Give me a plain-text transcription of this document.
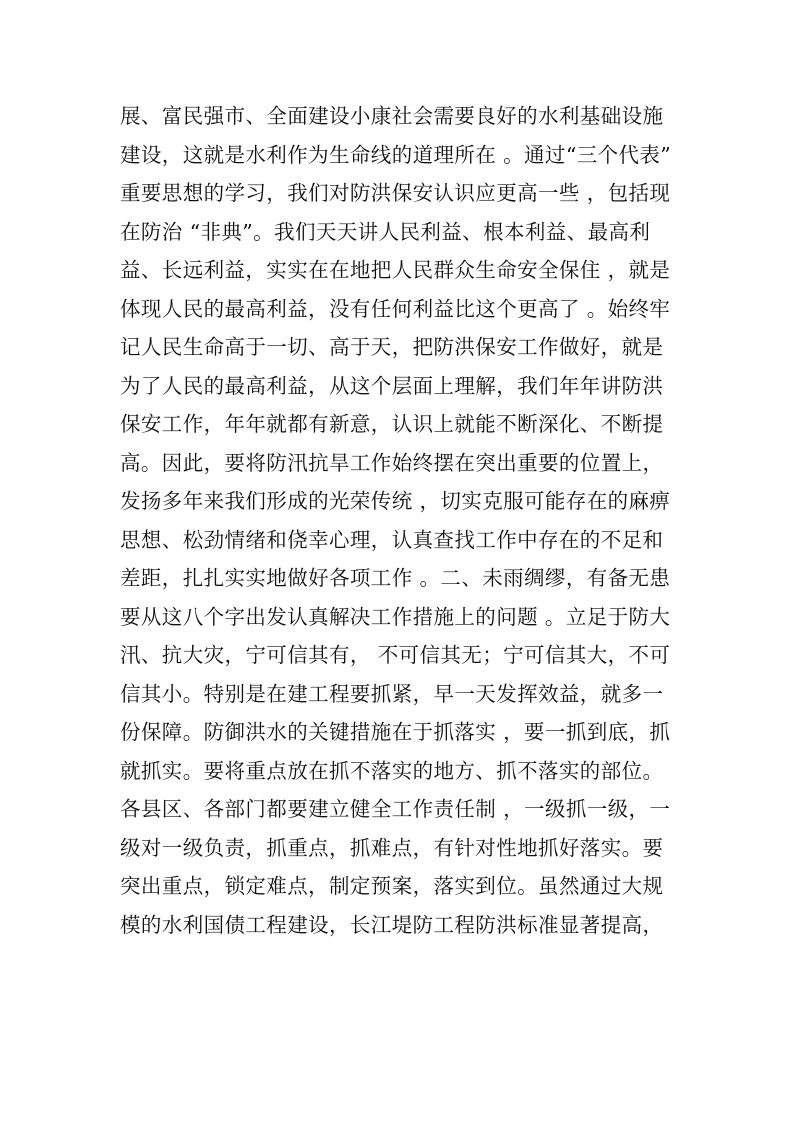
展、富民强市、全面建设小康社会需要良好的水利基础设施
建设，这就是水利作为生命线的道理所在 。通过“三个代表”
重要思想的学习，我们对防洪保安认识应更高一些 ，包括现
在防治 “非典”。我们天天讲人民利益、根本利益、最高利
益、长远利益，实实在在地把人民群众生命安全保住 ，就是
体现人民的最高利益，没有任何利益比这个更高了 。始终牢
记人民生命高于一切、高于天，把防洪保安工作做好，就是
为了人民的最高利益，从这个层面上理解，我们年年讲防洪
保安工作，年年就都有新意，认识上就能不断深化、不断提
高。因此，要将防汛抗旱工作始终摆在突出重要的位置上，
发扬多年来我们形成的光荣传统 ，切实克服可能存在的麻痹
思想、松劲情绪和侥幸心理，认真查找工作中存在的不足和
差距，扎扎实实地做好各项工作 。二、未雨绸缪，有备无患
要从这八个字出发认真解决工作措施上的问题 。立足于防大
汛、抗大灾，宁可信其有， 不可信其无；宁可信其大，不可
信其小。特别是在建工程要抓紧，早一天发挥效益，就多一
份保障。防御洪水的关键措施在于抓落实 ，要一抓到底，抓
就抓实。要将重点放在抓不落实的地方、抓不落实的部位。
各县区、各部门都要建立健全工作责任制 ，一级抓一级，一
级对一级负责，抓重点，抓难点，有针对性地抓好落实。要
突出重点，锁定难点，制定预案，落实到位。虽然通过大规
模的水利国债工程建设，长江堤防工程防洪标准显著提高，
